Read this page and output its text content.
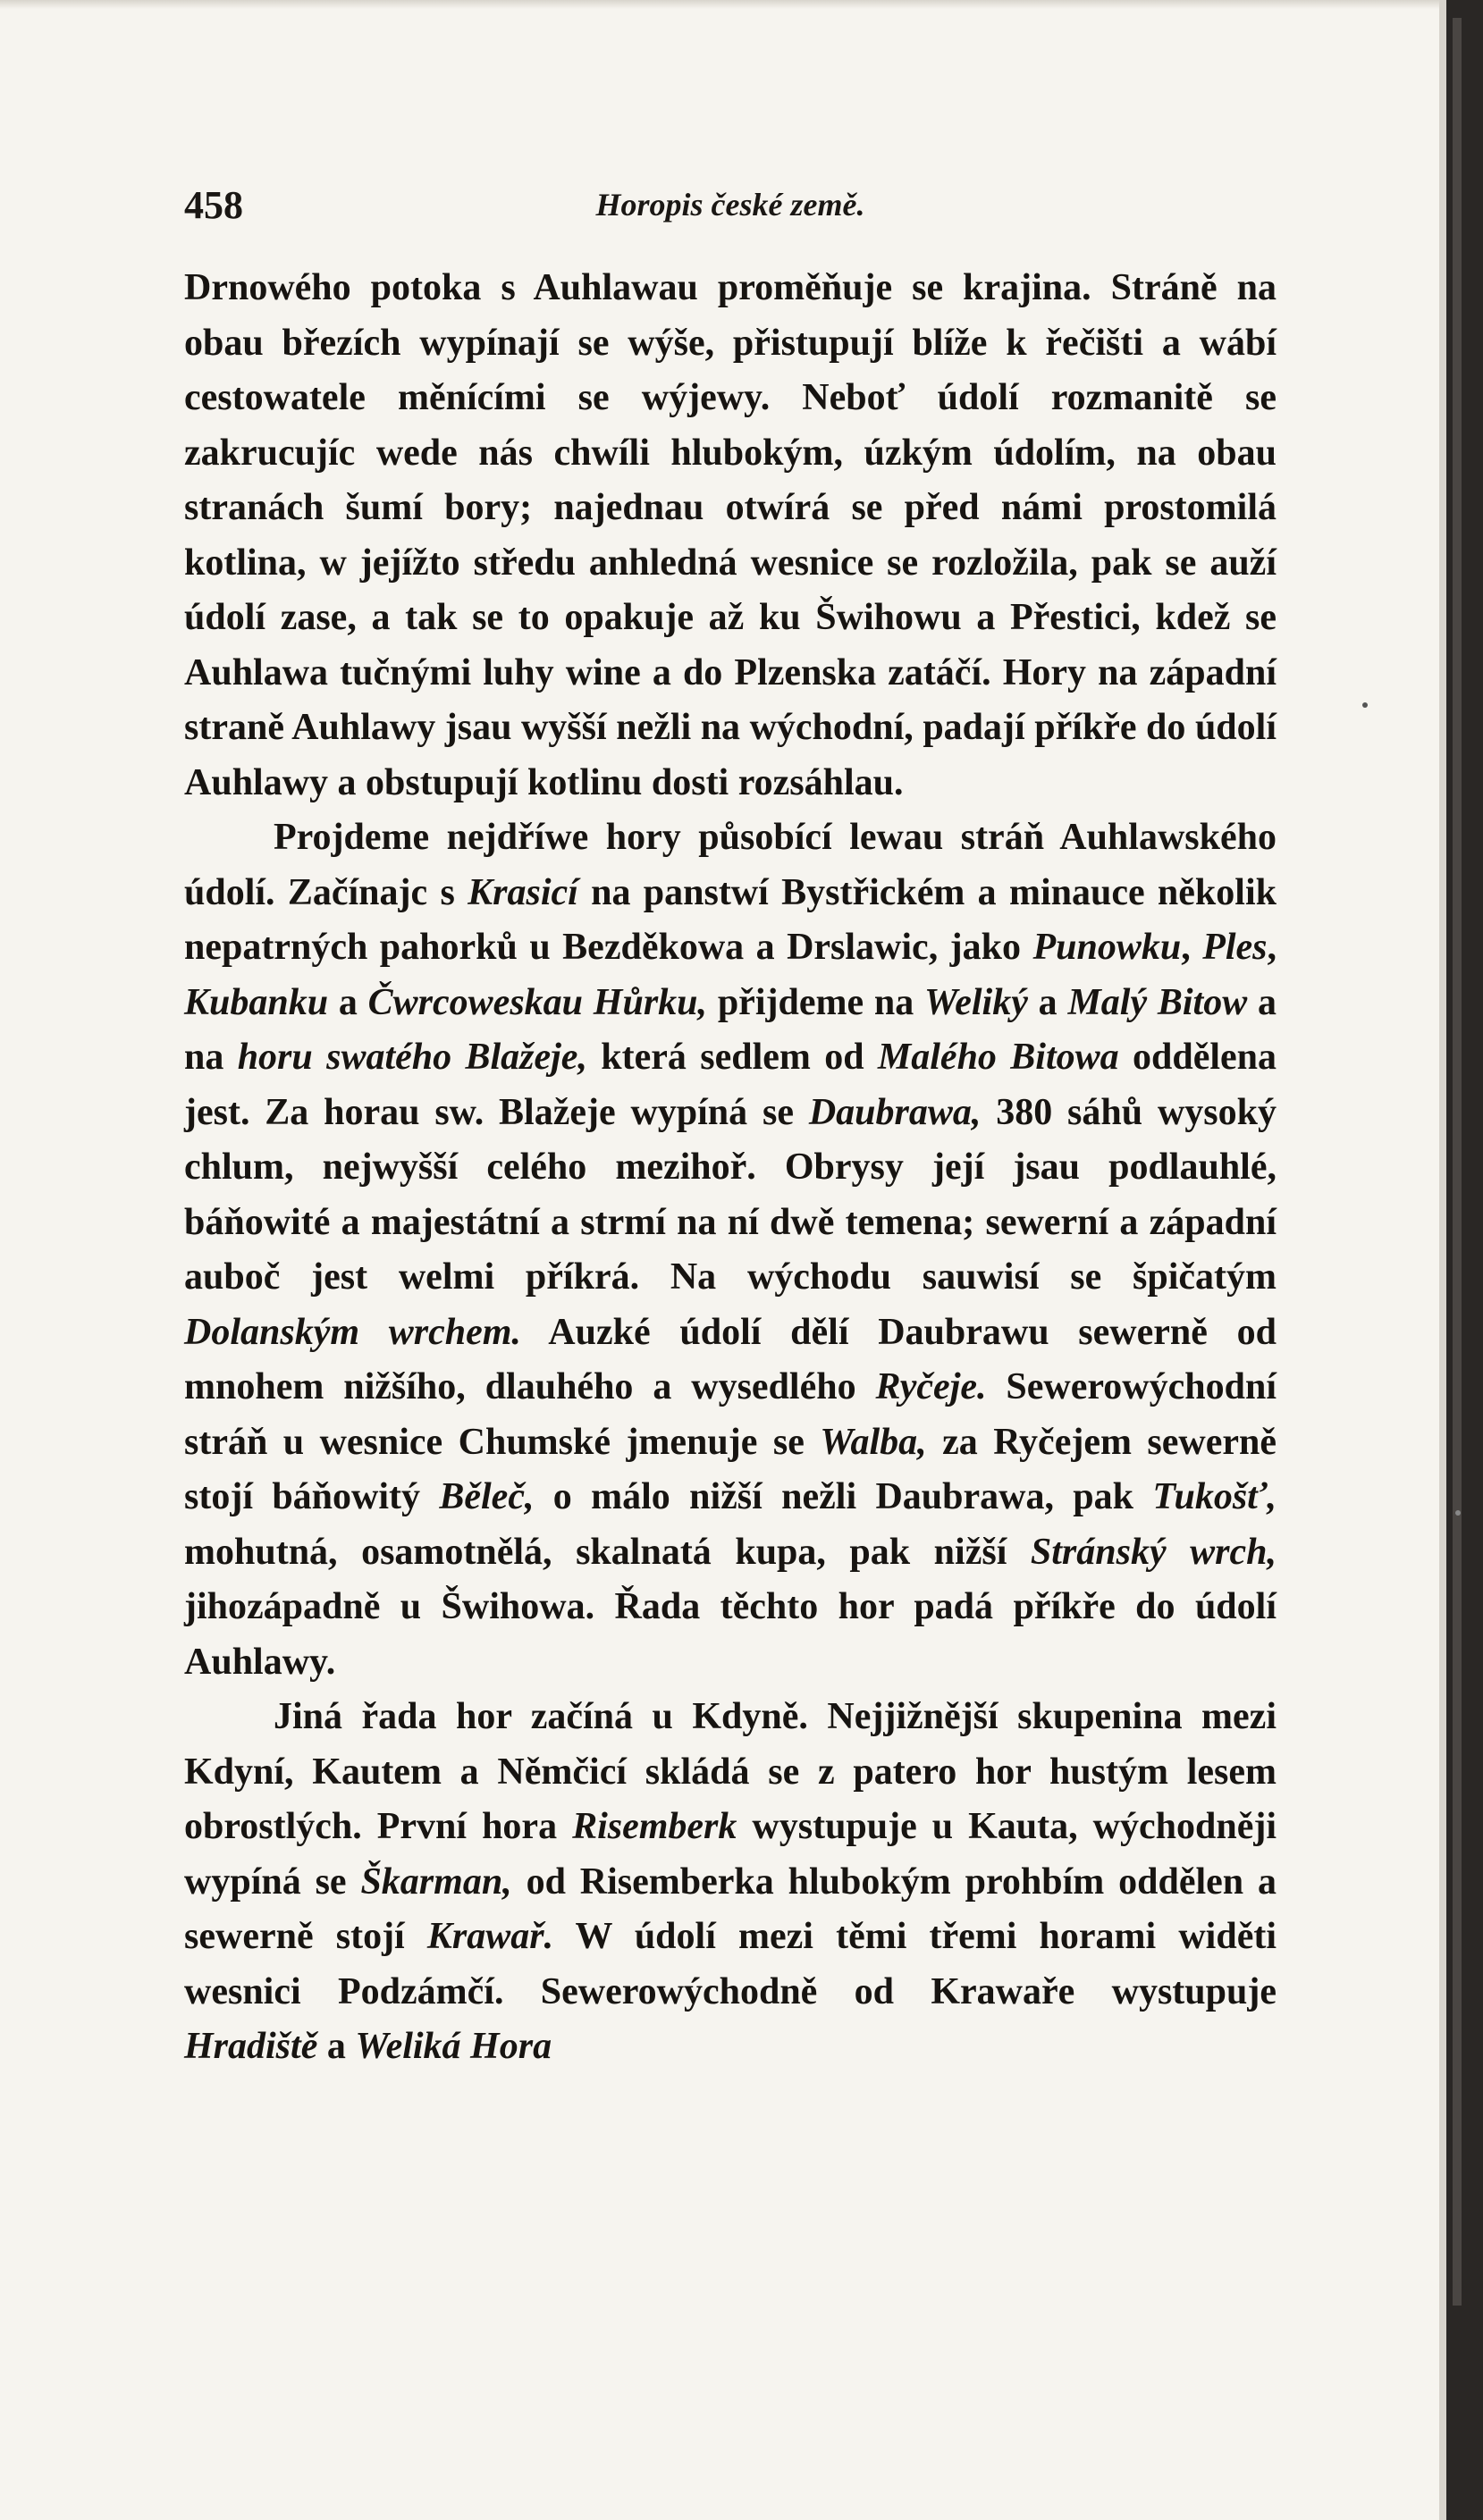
458	Horopis české země.

Drnowého potoka s Auhlawau proměňuje se krajina. Stráně na obau březích wypínají se wýše, přistupují blíže k řečišti a wábí cestowatele měnícími se wýjewy. Neboť údolí rozmanitě se zakrucujíc wede nás chwíli hlubokým, úzkým údolím, na obau stranách šumí bory; najednau otwírá se před námi prostomilá kotlina, w jejížto středu anhledná wesnice se rozložila, pak se auží údolí zase, a tak se to opakuje až ku Šwihowu a Přestici, kdež se Auhlawa tučnými luhy wine a do Plzenska zatáčí. Hory na západní straně Auhlawy jsau wyšší nežli na wýchodní, padají příkře do údolí Auhlawy a obstupují kotlinu dosti rozsáhlau.

Projdeme nejdříwe hory působící lewau stráň Auhlawského údolí. Začínajc s Krasicí na panstwí Bystřickém a minauce několik nepatrných pahorků u Bezděkowa a Drslawic, jako Punowku, Ples, Kubanku a Čwrcoweskau Hůrku, přijdeme na Weliký a Malý Bitow a na horu swatého Blažeje, která sedlem od Malého Bitowa oddělena jest. Za horau sw. Blažeje wypíná se Daubrawa, 380 sáhů wysoký chlum, nejwyšší celého mezihoř. Obrysy její jsau podlauhlé, báňowité a majestátní a strmí na ní dwě temena; sewerní a západní auboč jest welmi příkrá. Na wýchodu sauwisí se špičatým Dolanským wrchem. Auzké údolí dělí Daubrawu sewerně od mnohem nižšího, dlauhého a wysedlého Ryčeje. Sewerowýchodní stráň u wesnice Chumské jmenuje se Walba, za Ryčejem sewerně stojí báňowitý Běleč, o málo nižší nežli Daubrawa, pak Tukošť, mohutná, osamotnělá, skalnatá kupa, pak nižší Stránský wrch, jihozápadně u Šwihowa. Řada těchto hor padá příkře do údolí Auhlawy.

Jiná řada hor začíná u Kdyně. Nejjižnější skupenina mezi Kdyní, Kautem a Němčicí skládá se z patero hor hustým lesem obrostlých. První hora Risemberk wystupuje u Kauta, wýchodněji wypíná se Škarman, od Risemberka hlubokým prohbím oddělen a sewerně stojí Krawař. W údolí mezi těmi třemi horami widěti wesnici Podzámčí. Sewerowýchodně od Krawaře wystupuje Hradiště a Weliká Hora
